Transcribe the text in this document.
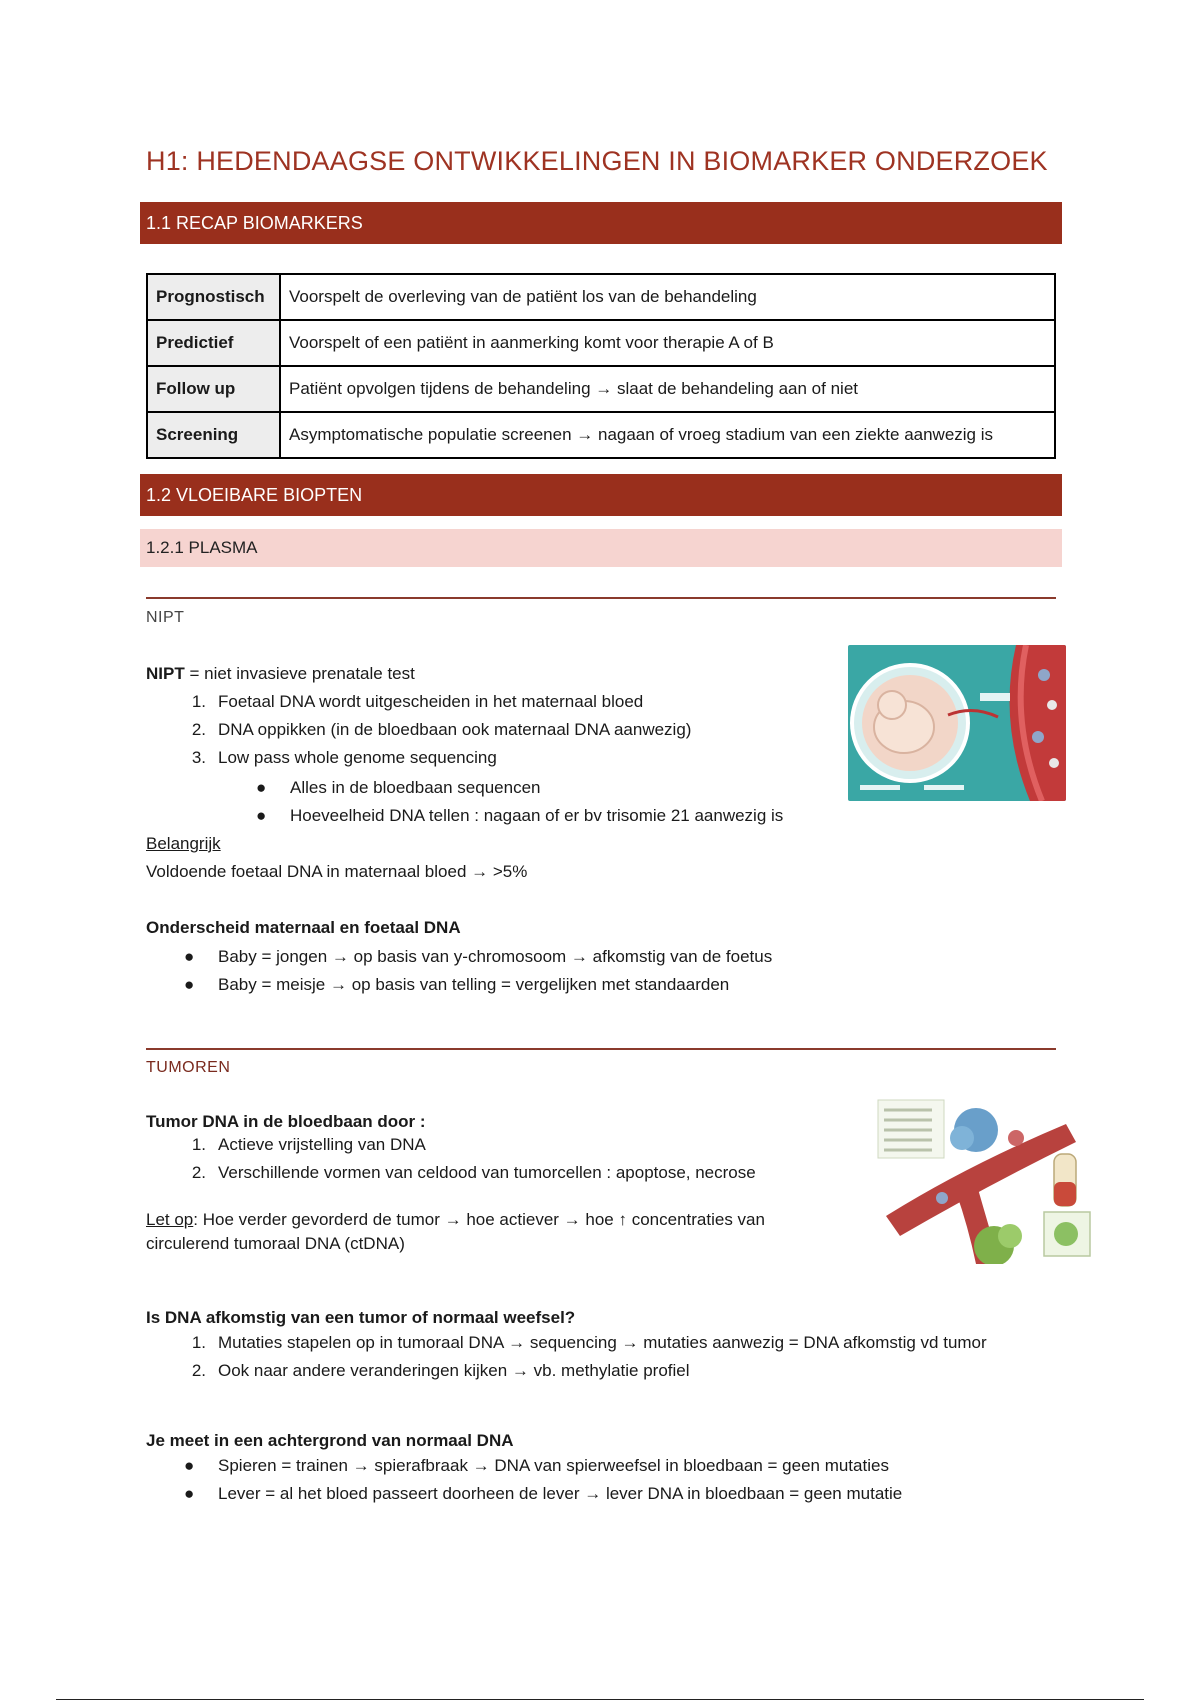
H1: HEDENDAAGSE ONTWIKKELINGEN IN BIOMARKER ONDERZOEK
1.1 RECAP BIOMARKERS
Prognostisch	Voorspelt de overleving van de patiënt los van de behandeling
Predictief	Voorspelt of een patiënt in aanmerking komt voor therapie A of B
Follow up	Patiënt opvolgen tijdens de behandeling → slaat de behandeling aan of niet
Screening	Asymptomatische populatie screenen → nagaan of vroeg stadium van een ziekte aanwezig is
1.2 VLOEIBARE BIOPTEN
1.2.1 PLASMA
NIPT
NIPT = niet invasieve prenatale test
1. Foetaal DNA wordt uitgescheiden in het maternaal bloed
2. DNA oppikken (in de bloedbaan ook maternaal DNA aanwezig)
3. Low pass whole genome sequencing
● Alles in de bloedbaan sequencen
● Hoeveelheid DNA tellen : nagaan of er bv trisomie 21 aanwezig is
Belangrijk
Voldoende foetaal DNA in maternaal bloed → >5%
Onderscheid maternaal en foetaal DNA
● Baby = jongen → op basis van y-chromosoom → afkomstig van de foetus
● Baby = meisje → op basis van telling = vergelijken met standaarden
TUMOREN
Tumor DNA in de bloedbaan door :
1. Actieve vrijstelling van DNA
2. Verschillende vormen van celdood van tumorcellen : apoptose, necrose
Let op: Hoe verder gevorderd de tumor → hoe actiever → hoe ↑ concentraties van
circulerend tumoraal DNA (ctDNA)
Is DNA afkomstig van een tumor of normaal weefsel?
1. Mutaties stapelen op in tumoraal DNA → sequencing → mutaties aanwezig = DNA afkomstig vd tumor
2. Ook naar andere veranderingen kijken → vb. methylatie profiel
Je meet in een achtergrond van normaal DNA
● Spieren = trainen → spierafbraak → DNA van spierweefsel in bloedbaan = geen mutaties
● Lever = al het bloed passeert doorheen de lever → lever DNA in bloedbaan = geen mutatie
